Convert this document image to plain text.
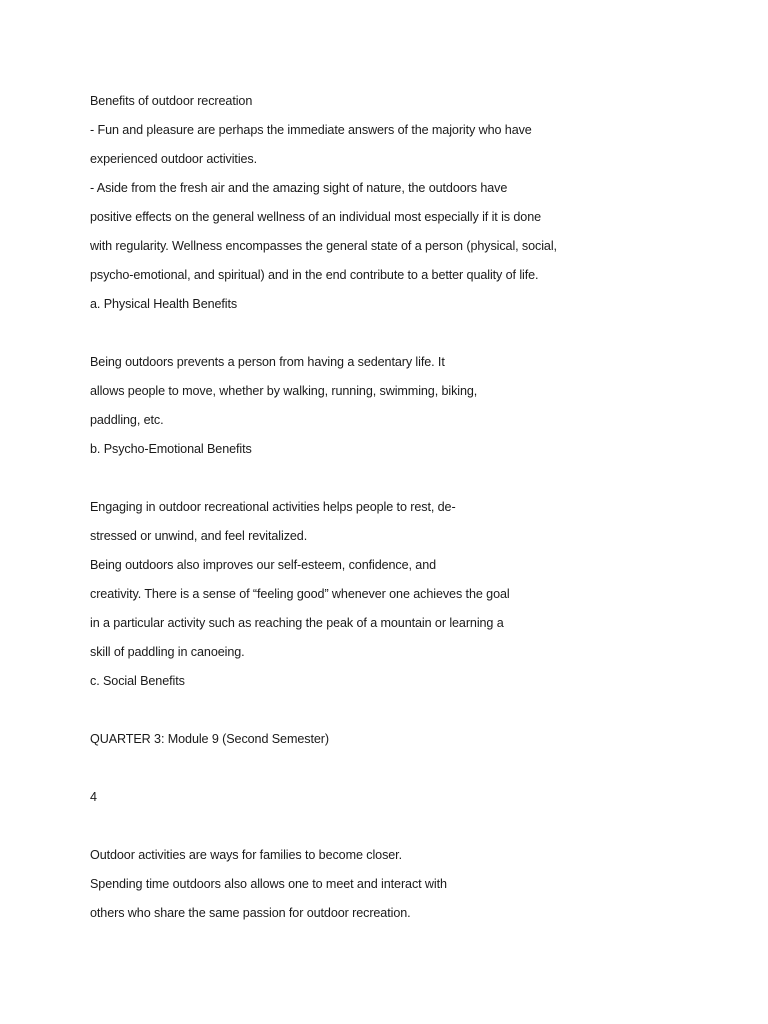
Benefits of outdoor recreation
- Fun and pleasure are perhaps the immediate answers of the majority who have
experienced outdoor activities.
- Aside from the fresh air and the amazing sight of nature, the outdoors have
positive effects on the general wellness of an individual most especially if it is done
with regularity. Wellness encompasses the general state of a person (physical, social,
psycho-emotional, and spiritual) and in the end contribute to a better quality of life.
a. Physical Health Benefits
Being outdoors prevents a person from having a sedentary life. It
allows people to move, whether by walking, running, swimming, biking,
paddling, etc.
b. Psycho-Emotional Benefits
Engaging in outdoor recreational activities helps people to rest, de-
stressed or unwind, and feel revitalized.
Being outdoors also improves our self-esteem, confidence, and
creativity. There is a sense of “feeling good” whenever one achieves the goal
in a particular activity such as reaching the peak of a mountain or learning a
skill of paddling in canoeing.
c. Social Benefits
QUARTER 3: Module 9 (Second Semester)
4
Outdoor activities are ways for families to become closer.
Spending time outdoors also allows one to meet and interact with
others who share the same passion for outdoor recreation.
